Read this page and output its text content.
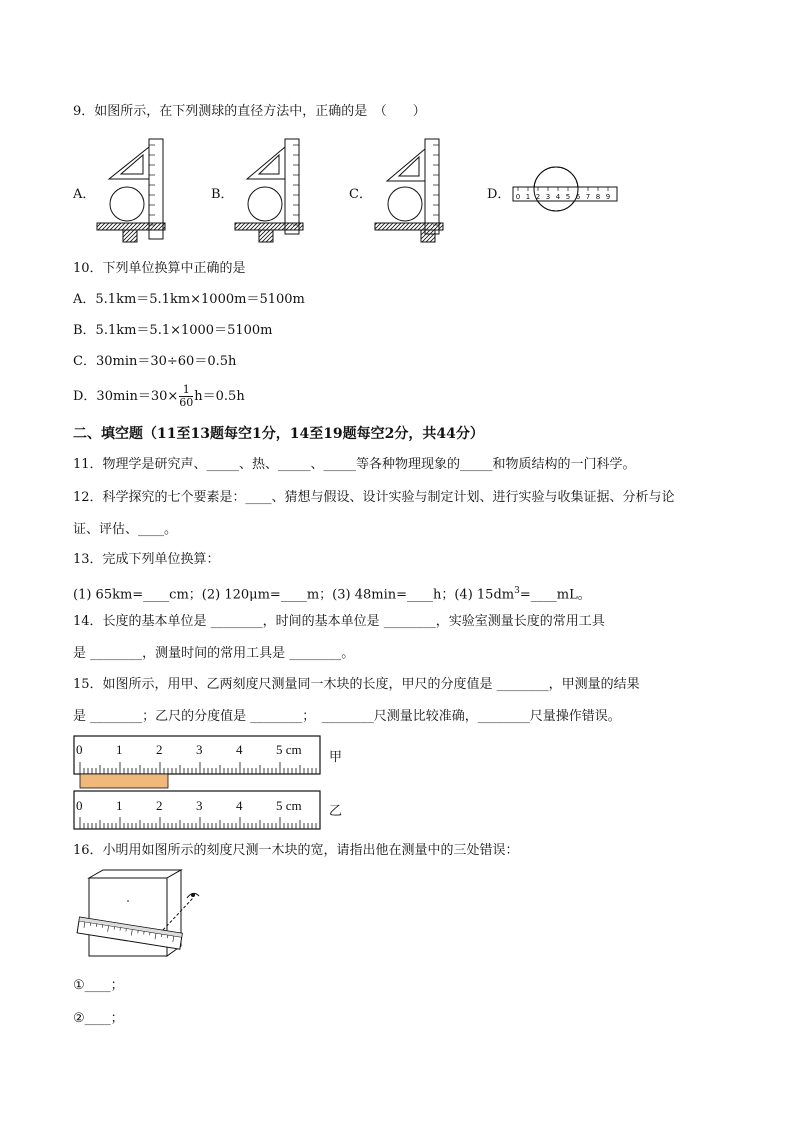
9．如图所示，在下列测球的直径方法中，正确的是　（　　）
A．	B．	C．	D． 0 1 2 3 4 5 6 7 8 9
10．下列单位换算中正确的是
A．5.1km＝5.1km×1000m＝5100m
B．5.1km＝5.1×1000＝5100m
C．30min＝30÷60＝0.5h
D．$30\min=30\times \frac{1}{60} h=0.5h$
二、填空题（11至13题每空1分，14至19题每空2分，共44分）
11．物理学是研究声、_____、热、_____、_____等各种物理现象的_____和物质结构的一门科学。
12．科学探究的七个要素是：____、猜想与假设、设计实验与制定计划、进行实验与收集证据、分析与论
证、评估、____。
13．完成下列单位换算：
(1) 65km=____cm；(2) 120μm=____m；(3) 48min=____h；(4) $15dm^3=\_\_\_\_mL$。
14．长度的基本单位是 ________，时间的基本单位是 ________，实验室测量长度的常用工具
是 ________，测量时间的常用工具是 ________。
15．如图所示，用甲、乙两刻度尺测量同一木块的长度，甲尺的分度值是 ________，甲测量的结果
是 ________；乙尺的分度值是 ________；　________尺测量比较准确，________尺量操作错误。
0	1	2	3	4	5 cm
甲
0	1	2	3	4	5 cm 乙
16．小明用如图所示的刻度尺测一木块的宽，请指出他在测量中的三处错误：
①____；
②____；
